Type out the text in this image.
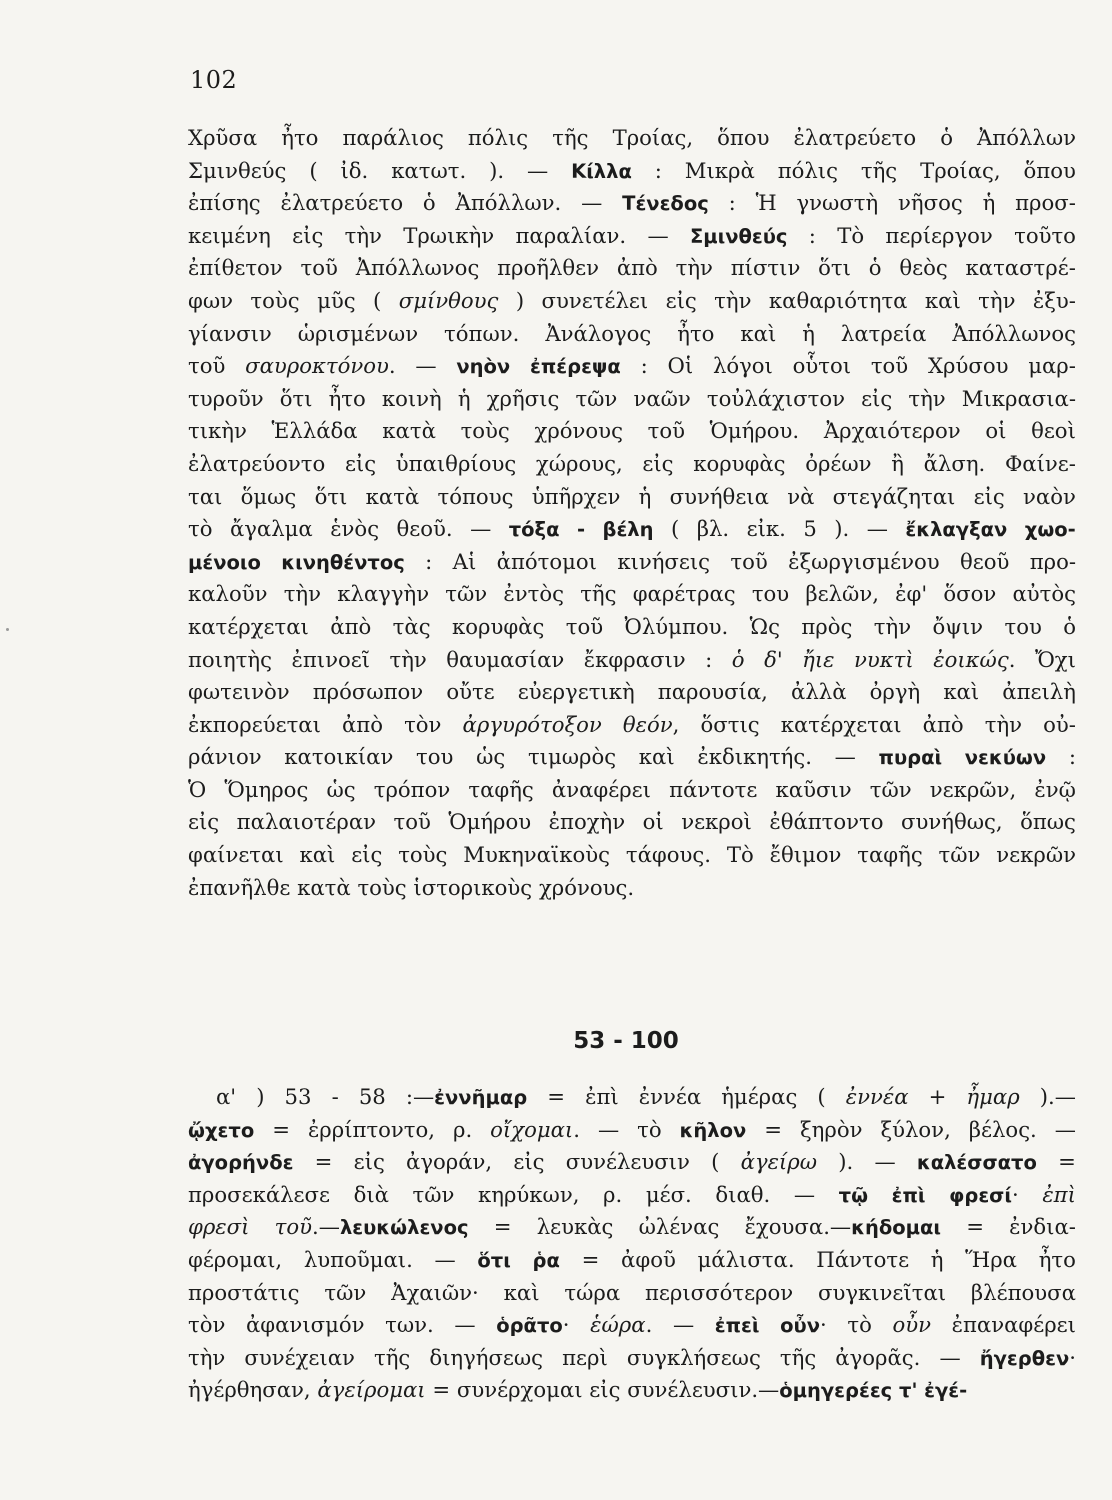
102
Χρῦσα ἦτο παράλιος πόλις τῆς Τροίας, ὅπου ἐλατρεύετο ὁ Ἀπόλλων
Σμινθεύς ( ἰδ. κατωτ. ). — Κίλλα : Μικρὰ πόλις τῆς Τροίας, ὅπου
ἐπίσης ἐλατρεύετο ὁ Ἀπόλλων. — Τένεδος : Ἡ γνωστὴ νῆσος ἡ προσ-
κειμένη εἰς τὴν Τρωικὴν παραλίαν. — Σμινθεύς : Τὸ περίεργον τοῦτο
ἐπίθετον τοῦ Ἀπόλλωνος προῆλθεν ἀπὸ τὴν πίστιν ὅτι ὁ θεὸς καταστρέ-
φων τοὺς μῦς ( σμίνθους ) συνετέλει εἰς τὴν καθαριότητα καὶ τὴν ἐξυ-
γίανσιν ὡρισμένων τόπων. Ἀνάλογος ἦτο καὶ ἡ λατρεία Ἀπόλλωνος
τοῦ σαυροκτόνου. — νηὸν ἐπέρεψα : Οἱ λόγοι οὗτοι τοῦ Χρύσου μαρ-
τυροῦν ὅτι ἦτο κοινὴ ἡ χρῆσις τῶν ναῶν τοὐλάχιστον εἰς τὴν Μικρασια-
τικὴν Ἑλλάδα κατὰ τοὺς χρόνους τοῦ Ὁμήρου. Ἀρχαιότερον οἱ θεοὶ
ἐλατρεύοντο εἰς ὑπαιθρίους χώρους, εἰς κορυφὰς ὀρέων ἢ ἄλση. Φαίνε-
ται ὅμως ὅτι κατὰ τόπους ὑπῆρχεν ἡ συνήθεια νὰ στεγάζηται εἰς ναὸν
τὸ ἄγαλμα ἑνὸς θεοῦ. — τόξα - βέλη ( βλ. εἰκ. 5 ). — ἔκλαγξαν χωο-
μένοιο κινηθέντος : Αἱ ἀπότομοι κινήσεις τοῦ ἐξωργισμένου θεοῦ προ-
καλοῦν τὴν κλαγγὴν τῶν ἐντὸς τῆς φαρέτρας του βελῶν, ἐφ' ὅσον αὐτὸς
κατέρχεται ἀπὸ τὰς κορυφὰς τοῦ Ὀλύμπου. Ὡς πρὸς τὴν ὄψιν του ὁ
ποιητὴς ἐπινοεῖ τὴν θαυμασίαν ἔκφρασιν : ὁ δ' ἤιε νυκτὶ ἐοικώς. Ὄχι
φωτεινὸν πρόσωπον οὔτε εὐεργετικὴ παρουσία, ἀλλὰ ὀργὴ καὶ ἀπειλὴ
ἐκπορεύεται ἀπὸ τὸν ἀργυρότοξον θεόν, ὅστις κατέρχεται ἀπὸ τὴν οὐ-
ράνιον κατοικίαν του ὡς τιμωρὸς καὶ ἐκδικητής. — πυραὶ νεκύων :
Ὁ Ὅμηρος ὡς τρόπον ταφῆς ἀναφέρει πάντοτε καῦσιν τῶν νεκρῶν, ἐνῷ
εἰς παλαιοτέραν τοῦ Ὁμήρου ἐποχὴν οἱ νεκροὶ ἐθάπτοντο συνήθως, ὅπως
φαίνεται καὶ εἰς τοὺς Μυκηναϊκοὺς τάφους. Τὸ ἔθιμον ταφῆς τῶν νεκρῶν
ἐπανῆλθε
κατὰ
τοὺς
ἱστορικοὺς
χρόνους.
53 - 100
α' ) 53 - 58 :—ἐννῆμαρ = ἐπὶ ἐννέα ἡμέρας ( ἐννέα + ἦμαρ ).—
ᾤχετο = ἐρρίπτοντο, ρ. οἴχομαι. — τὸ κῆλον = ξηρὸν ξύλον, βέλος. —
ἀγορήνδε = εἰς ἀγοράν, εἰς συνέλευσιν ( ἀγείρω ). — καλέσσατο =
προσεκάλεσε διὰ τῶν κηρύκων, ρ. μέσ. διαθ. — τῷ ἐπὶ φρεσί· ἐπὶ
φρεσὶ τοῦ.—λευκώλενος = λευκὰς ὠλένας ἔχουσα.—κήδομαι = ἐνδια-
φέρομαι, λυποῦμαι. — ὅτι ῥα = ἀφοῦ μάλιστα. Πάντοτε ἡ Ἥρα ἦτο
προστάτις τῶν Ἀχαιῶν· καὶ τώρα περισσότερον συγκινεῖται βλέπουσα
τὸν ἀφανισμόν των. — ὁρᾶτο· ἑώρα. — ἐπεὶ οὖν· τὸ οὖν ἐπαναφέρει
τὴν συνέχειαν τῆς διηγήσεως περὶ συγκλήσεως τῆς ἀγορᾶς. — ἤγερθεν·
ἠγέρθησαν,
ἀγείρομαι
=
συνέρχομαι
εἰς
συνέλευσιν.—ὁμηγερέες
τ'
ἐγέ-
